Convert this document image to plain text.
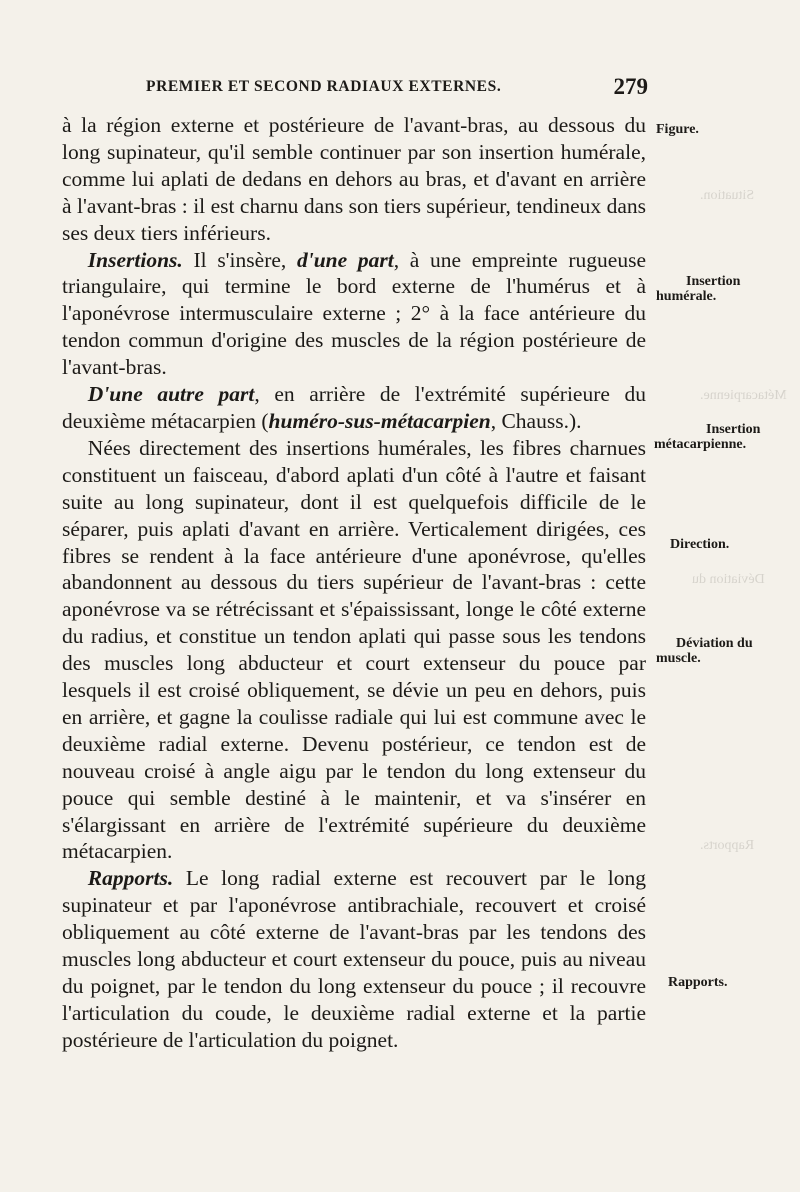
Situation.
Métacarpienne.
Déviation du
Rapports.
PREMIER ET SECOND RADIAUX EXTERNES.	279

à la région externe et postérieure de l'avant-bras, au dessous du long supinateur, qu'il semble continuer par son insertion humérale, comme lui aplati de dedans en dehors au bras, et d'avant en arrière à l'avant-bras : il est charnu dans son tiers supérieur, tendineux dans ses deux tiers inférieurs.

Insertions. Il s'insère, d'une part, à une empreinte rugueuse triangulaire, qui termine le bord externe de l'humérus et à l'aponévrose intermusculaire externe ; 2° à la face antérieure du tendon commun d'origine des muscles de la région postérieure de l'avant-bras.

D'une autre part, en arrière de l'extrémité supérieure du deuxième métacarpien (huméro-sus-métacarpien, Chauss.).

Nées directement des insertions humérales, les fibres charnues constituent un faisceau, d'abord aplati d'un côté à l'autre et faisant suite au long supinateur, dont il est quelquefois difficile de le séparer, puis aplati d'avant en arrière. Verticalement dirigées, ces fibres se rendent à la face antérieure d'une aponévrose, qu'elles abandonnent au dessous du tiers supérieur de l'avant-bras : cette aponévrose va se rétrécissant et s'épaississant, longe le côté externe du radius, et constitue un tendon aplati qui passe sous les tendons des muscles long abducteur et court extenseur du pouce par lesquels il est croisé obliquement, se dévie un peu en dehors, puis en arrière, et gagne la coulisse radiale qui lui est commune avec le deuxième radial externe. Devenu postérieur, ce tendon est de nouveau croisé à angle aigu par le tendon du long extenseur du pouce qui semble destiné à le maintenir, et va s'insérer en s'élargissant en arrière de l'extrémité supérieure du deuxième métacarpien.

Rapports. Le long radial externe est recouvert par le long supinateur et par l'aponévrose antibrachiale, recouvert et croisé obliquement au côté externe de l'avant-bras par les tendons des muscles long abducteur et court extenseur du pouce, puis au niveau du poignet, par le tendon du long extenseur du pouce ; il recouvre l'articulation du coude, le deuxième radial externe et la partie postérieure de l'articulation du poignet.

Figure.
Insertion
humérale.
Insertion
métacarpienne.
Direction.
Déviation du
muscle.
Rapports.
